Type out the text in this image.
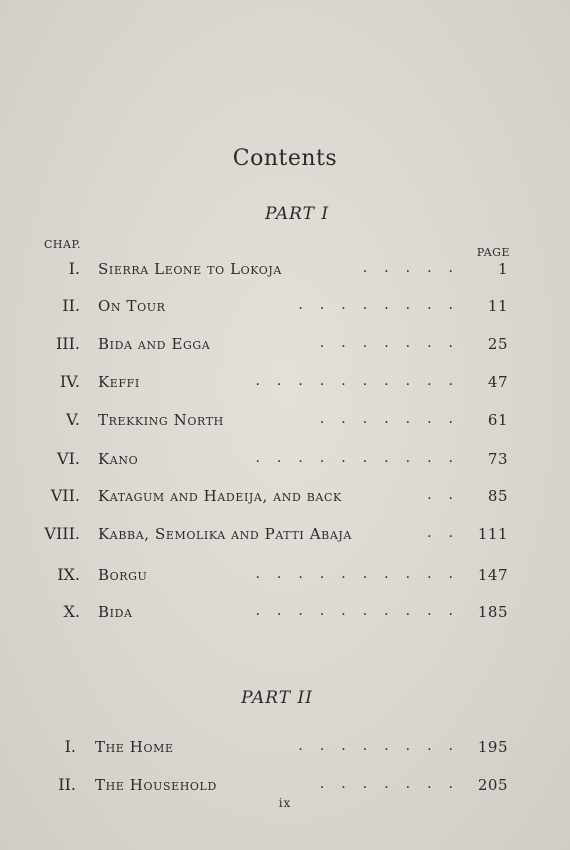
Contents
PART I
CHAP.
PAGE
I. Sierra Leone to Lokoja	.​.​.​.​. 1
II. On Tour	.​.​.​.​.​.​.​. 11
III. Bida and Egga	.​.​.​.​.​.​. 25
IV. Keffi	.​.​.​.​.​.​.​.​.​. 47
V. Trekking North	.​.​.​.​.​.​. 61
VI. Kano	.​.​.​.​.​.​.​.​.​. 73
VII. Katagum and Hadeija, and back	.​. 85
VIII. Kabba, Semolika and Patti Abaja	.​. 111
IX. Borgu	.​.​.​.​.​.​.​.​.​. 147
X. Bida	.​.​.​.​.​.​.​.​.​. 185
PART II
I. The Home	.​.​.​.​.​.​.​. 195
II. The Household	.​.​.​.​.​.​. 205
ix
